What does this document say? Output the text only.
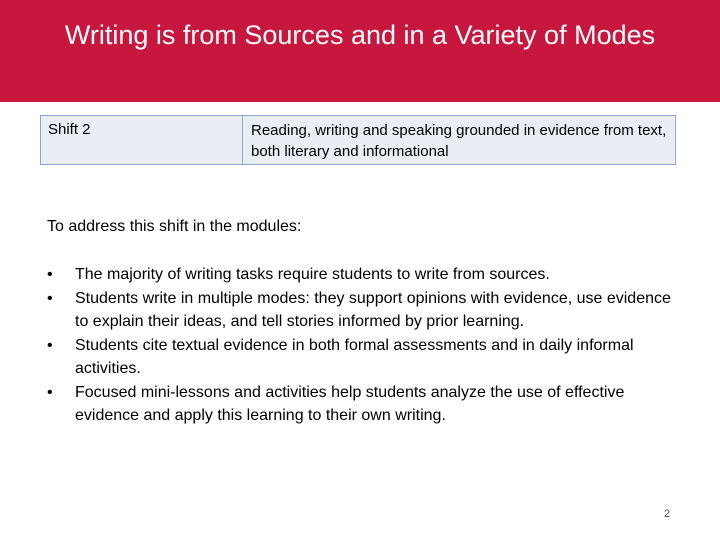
Writing is from Sources and in a Variety of Modes
Shift 2	Reading, writing and speaking grounded in evidence from text, both literary and informational
To address this shift in the modules:
•	The majority of writing tasks require students to write from sources.
•	Students write in multiple modes: they support opinions with evidence, use evidence to explain their ideas, and tell stories informed by prior learning.
•	Students cite textual evidence in both formal assessments and in daily informal activities.
•	Focused mini-lessons and activities help students analyze the use of effective evidence and apply this learning to their own writing.
2
